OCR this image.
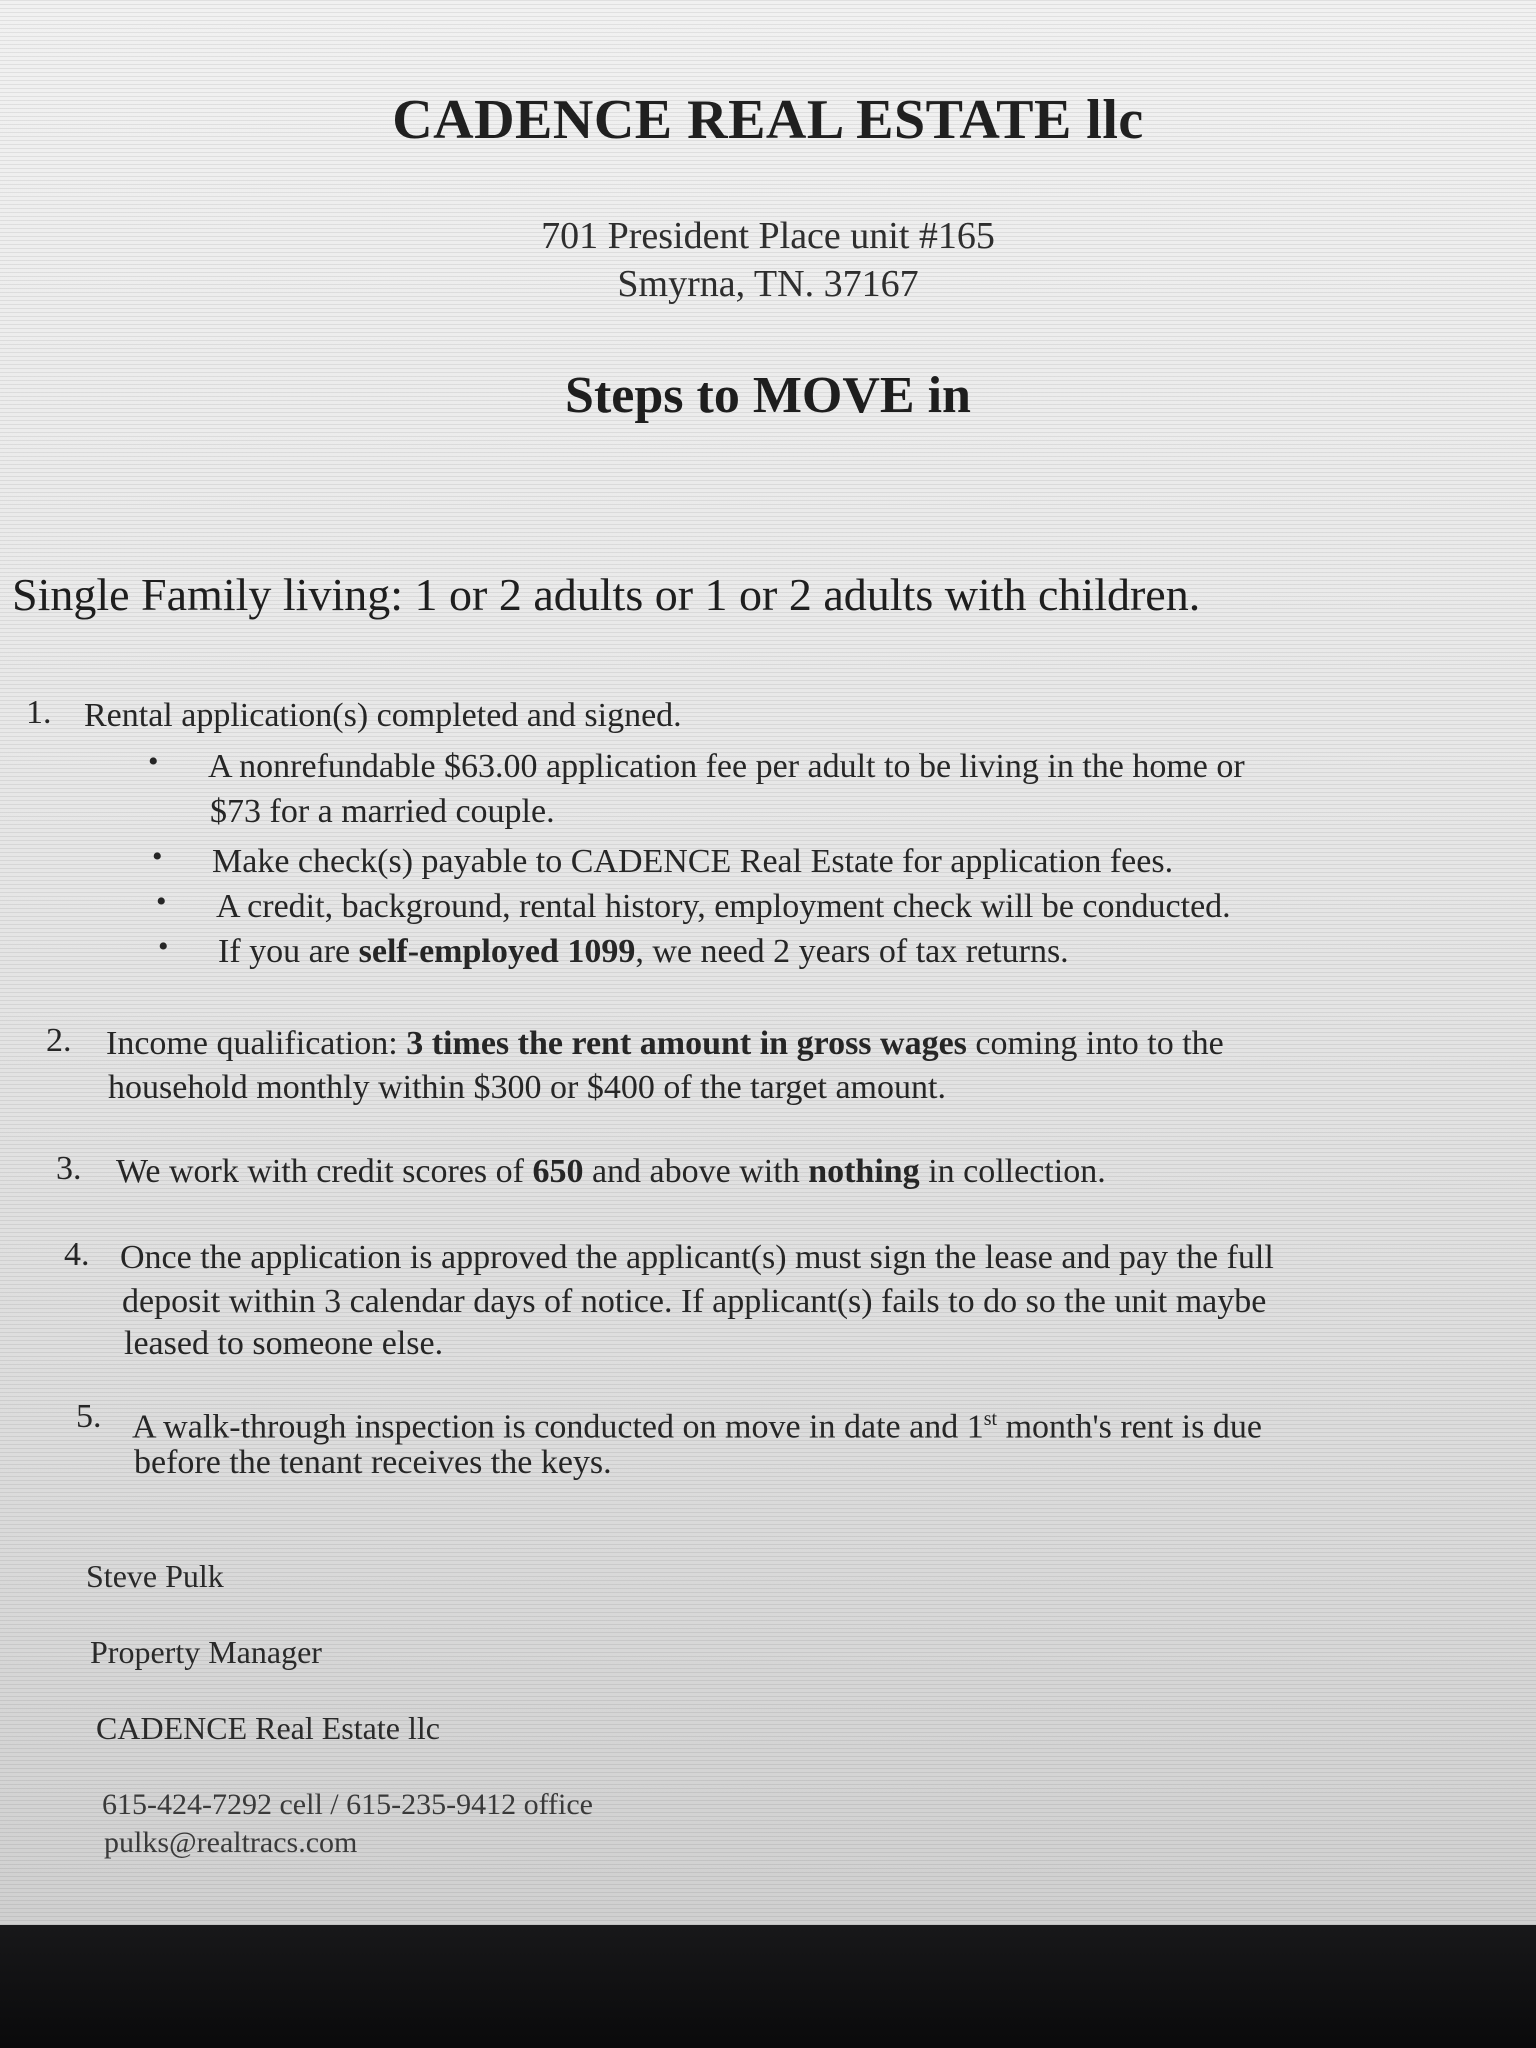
CADENCE REAL ESTATE llc

701 President Place unit #165

Smyrna, TN. 37167

Steps to MOVE in

Single Family living: 1 or 2 adults or 1 or 2 adults with children.

1. Rental application(s) completed and signed.

• A nonrefundable $63.00 application fee per adult to be living in the home or

$73 for a married couple.

• Make check(s) payable to CADENCE Real Estate for application fees.

• A credit, background, rental history, employment check will be conducted.

• If you are self-employed 1099, we need 2 years of tax returns.

2. Income qualification: 3 times the rent amount in gross wages coming into to the

household monthly within $300 or $400 of the target amount.

3. We work with credit scores of 650 and above with nothing in collection.

4. Once the application is approved the applicant(s) must sign the lease and pay the full

deposit within 3 calendar days of notice. If applicant(s) fails to do so the unit maybe

leased to someone else.

5. A walk-through inspection is conducted on move in date and 1st month's rent is due

before the tenant receives the keys.

Steve Pulk

Property Manager

CADENCE Real Estate llc

615-424-7292 cell / 615-235-9412 office

pulks@realtracs.com
